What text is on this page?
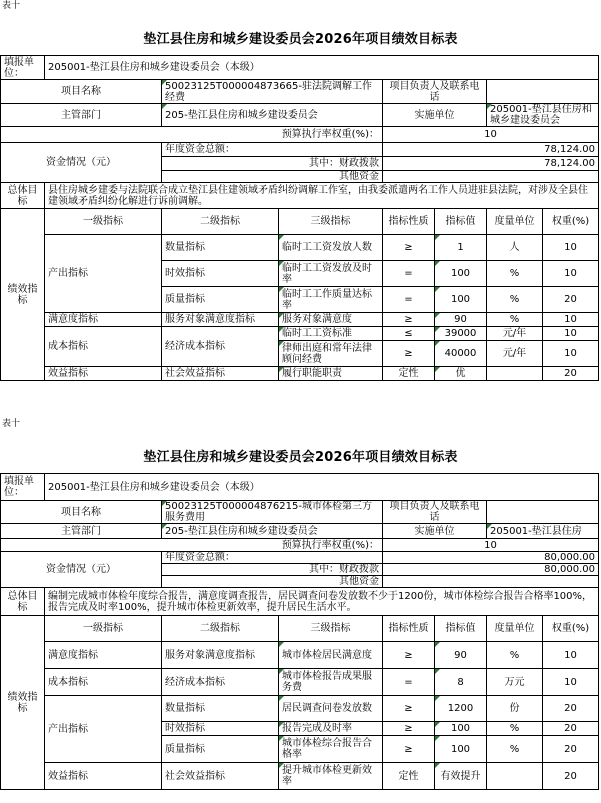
表十
垫江县住房和城乡建设委员会2026年项目绩效目标表
填报单位：	205001-垫江县住房和城乡建设委员会（本级）						
项目名称		50023125T000004873665-驻法院调解工作经费		项目负责人及联系电话			
主管部门		205-垫江县住房和城乡建设委员会		实施单位		205001-垫江县住房和城乡建设委员会	
预算执行率权重(%)：				10			
资金情况（元）		年度资金总额：		78,124.00			
		其中：财政拨款		78,124.00			
		其他资金					
总体目标	县住房城乡建委与法院联合成立垫江县住建领域矛盾纠纷调解工作室，由我委派遣两名工作人员进驻县法院，对涉及全县住建领域矛盾纠纷化解进行诉前调解。						
绩效指标	一级指标	二级指标	三级指标	指标性质	指标值	度量单位	权重(%)
	产出指标	数量指标	临时工工资发放人数	≥	1	人	10
		时效指标	临时工工资发放及时率	=	100	%	10
		质量指标	临时工工作质量达标率	=	100	%	20
	满意度指标	服务对象满意度指标	服务对象满意度	≥	90	%	10
	成本指标	经济成本指标	临时工工资标准	≤	39000	元/年	10
			律师出庭和常年法律顾问经费	≥	40000	元/年	10
	效益指标	社会效益指标	履行职能职责	定性	优		20
表十
垫江县住房和城乡建设委员会2026年项目绩效目标表
填报单位：	205001-垫江县住房和城乡建设委员会（本级）						
项目名称		50023125T000004876215-城市体检第三方服务费用		项目负责人及联系电话			
主管部门		205-垫江县住房和城乡建设委员会		实施单位		205001-垫江县住房	
预算执行率权重(%)：				10			
资金情况（元）		年度资金总额：		80,000.00			
		其中：财政拨款		80,000.00			
		其他资金					
总体目标	编制完成城市体检年度综合报告，满意度调查报告，居民调查问卷发放数不少于1200份，城市体检综合报告合格率100%，报告完成及时率100%，提升城市体检更新效率，提升居民生活水平。						
绩效指标	一级指标	二级指标	三级指标	指标性质	指标值	度量单位	权重(%)
	满意度指标	服务对象满意度指标	城市体检居民满意度	≥	90	%	10
	成本指标	经济成本指标	城市体检报告成果服务费	=	8	万元	10
	产出指标	数量指标	居民调查问卷发放数	≥	1200	份	20
		时效指标	报告完成及时率	≥	100	%	20
		质量指标	城市体检综合报告合格率	≥	100	%	20
	效益指标	社会效益指标	提升城市体检更新效率	定性	有效提升		20
